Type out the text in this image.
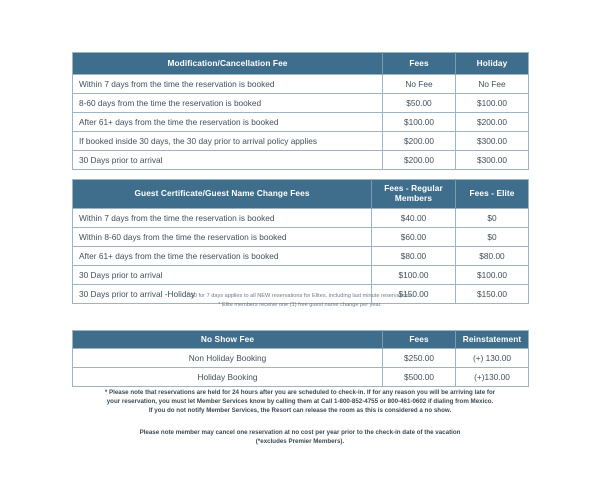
Modification/Cancellation Fee	Fees	Holiday
Within 7 days from the time the reservation is booked	No Fee	No Fee
8-60 days from the time the reservation is booked	$50.00	$100.00
After 61+ days from the time the reservation is booked	$100.00	$200.00
If booked inside 30 days, the 30 day prior to arrival policy applies	$200.00	$300.00
30 Days prior to arrival	$200.00	$300.00
Guest Certificate/Guest Name Change Fees	Fees - Regular Members	Fees - Elite
Within 7 days from the time the reservation is booked	$40.00	$0
Within 8-60 days from the time the reservation is booked	$60.00	$0
After 61+ days from the time the reservation is booked	$80.00	$80.00
30 Days prior to arrival	$100.00	$100.00
30 Days prior to arrival -Holiday	$150.00	$150.00
* $0 for 7 days applies to all NEW reservations for Elites, including last minute reservations.
* Elite members receive one (1) free guest name change per year.
No Show Fee	Fees	Reinstatement
Non Holiday Booking	$250.00	(+) 130.00
Holiday Booking	$500.00	(+)130.00

* Please note that reservations are held for 24 hours after you are scheduled to check-in. If for any reason you will be arriving late for

your reservation, you must let Member Services know by calling them at Call 1-800-852-4755 or 800-461-0602 if dialing from Mexico.

If you do not notify Member Services, the Resort can release the room as this is considered a no show.

Please note member may cancel one reservation at no cost per year prior to the check-in date of the vacation

(*excludes Premier Members).
